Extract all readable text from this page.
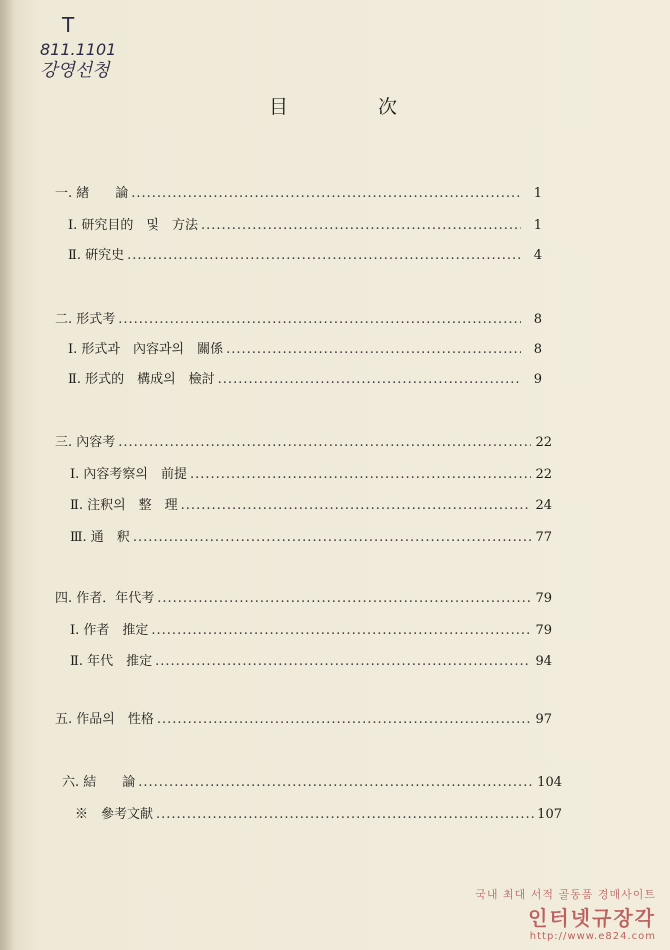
T
811.1101
강영선청
目	次
一. 緖　　論 .....	1
Ⅰ. 研究目的　및　方法 .....	1
Ⅱ. 硏究史 .....	4
二. 形式考 .....	8
Ⅰ. 形式과　內容과의　關係 .....	8
Ⅱ. 形式的　構成의　檢討 .....	9
三. 內容考 .....	22
Ⅰ. 內容考察의　前提 .....	22
Ⅱ. 注釈의　整　理 .....	24
Ⅲ. 通　釈 .....	77
四. 作者．年代考 .....	79
Ⅰ. 作者　推定 .....	79
Ⅱ. 年代　推定 .....	94
五. 作品의　性格 .....	97
六. 結　　論 .....	104
※　參考文献 .....	107
국내 최대 서적 골동품 경매사이트
인터넷규장각
http://www.e824.com
